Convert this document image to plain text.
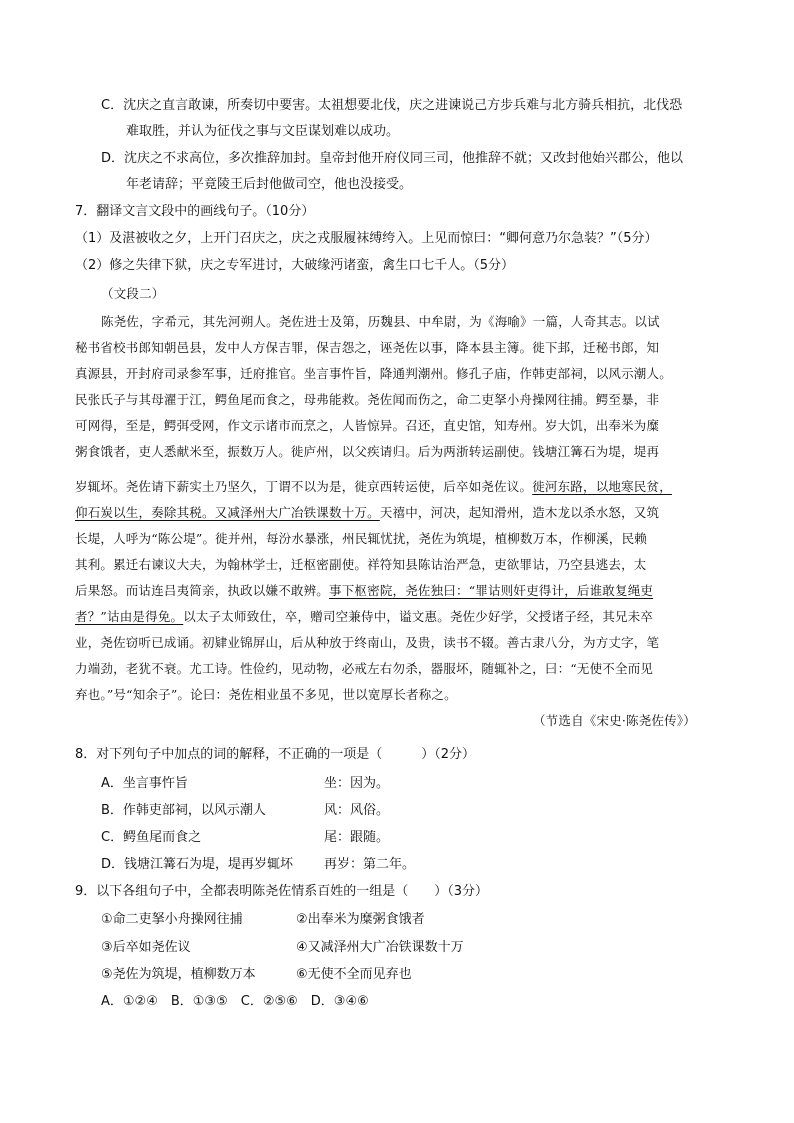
C．沈庆之直言敢谏，所奏切中要害。太祖想要北伐，庆之进谏说己方步兵难与北方骑兵相抗，北伐恐
难取胜，并认为征伐之事与文臣谋划难以成功。
D．沈庆之不求高位，多次推辞加封。皇帝封他开府仪同三司，他推辞不就；又改封他始兴郡公，他以
年老请辞；平竟陵王后封他做司空，他也没接受。
7．翻译文言文段中的画线句子。（10分）
（1）及湛被收之夕，上开门召庆之，庆之戎服履袜缚绔入。上见而惊曰：“卿何意乃尔急装？”（5分）
（2）修之失律下狱，庆之专军进讨，大破缘沔诸蛮，禽生口七千人。（5分）
（文段二）
陈尧佐，字希元，其先河朔人。尧佐进士及第，历魏县、中牟尉，为《海喻》一篇，人奇其志。以试
秘书省校书郎知朝邑县，发中人方保吉罪，保吉怨之，诬尧佐以事，降本县主簿。徙下邽，迁秘书郎，知
真源县，开封府司录参军事，迁府推官。坐言事忤旨，降通判潮州。修孔子庙，作韩吏部祠，以风示潮人。
民张氏子与其母濯于江，鳄鱼尾而食之，母弗能救。尧佐闻而伤之，命二吏拏小舟操网往捕。鳄至暴，非
可网得，至是，鳄弭受网，作文示诸市而烹之，人皆惊异。召还，直史馆，知寿州。岁大饥，出奉米为糜
粥食饿者，吏人悉献米至，振数万人。徙庐州，以父疾请归。后为两浙转运副使。钱塘江篝石为堤，堤再
岁辄坏。尧佐请下薪实土乃坚久，丁谓不以为是，徙京西转运使，后卒如尧佐议。徙河东路，以地寒民贫，
仰石炭以生，奏除其税。又减泽州大广冶铁课数十万。天禧中，河决，起知滑州，造木龙以杀水怒，又筑
长堤，人呼为“陈公堤”。徙并州，每汾水暴涨，州民辄忧扰，尧佐为筑堤，植柳数万本，作柳溪，民赖
其利。累迁右谏议大夫，为翰林学士，迁枢密副使。祥符知县陈诂治严急，吏欲罪诂，乃空县逃去，太
后果怒。而诂连吕夷简亲，执政以嫌不敢辨。事下枢密院，尧佐独曰：“罪诂则奸吏得计，后谁敢复绳吏
者？”诂由是得免。以太子太师致仕，卒，赠司空兼侍中，谥文惠。尧佐少好学，父授诸子经，其兄未卒
业，尧佐窃听已成诵。初肄业锦屏山，后从种放于终南山，及贵，读书不辍。善古隶八分，为方丈字，笔
力端劲，老犹不衰。尤工诗。性俭约，见动物，必戒左右勿杀，器服坏，随辄补之，曰：“无使不全而见
弃也。”号“知余子”。论曰：尧佐相业虽不多见，世以宽厚长者称之。
（节选自《宋史·陈尧佐传》）
8．对下列句子中加点的词的解释，不正确的一项是（　　　）（2分）
A．坐言事忤旨	坐：因为。
B．作韩吏部祠，以风示潮人	风：风俗。
C．鳄鱼尾而食之	尾：跟随。
D．钱塘江篝石为堤，堤再岁辄坏 再岁：第二年。
9．以下各组句子中，全都表明陈尧佐情系百姓的一组是（　　）（3分）
①命二吏拏小舟操网往捕	②出奉米为糜粥食饿者
③后卒如尧佐议	④又减泽州大广冶铁课数十万
⑤尧佐为筑堤，植柳数万本	⑥无使不全而见弃也
A．①②④　B．①③⑤　C．②⑤⑥　D．③④⑥
